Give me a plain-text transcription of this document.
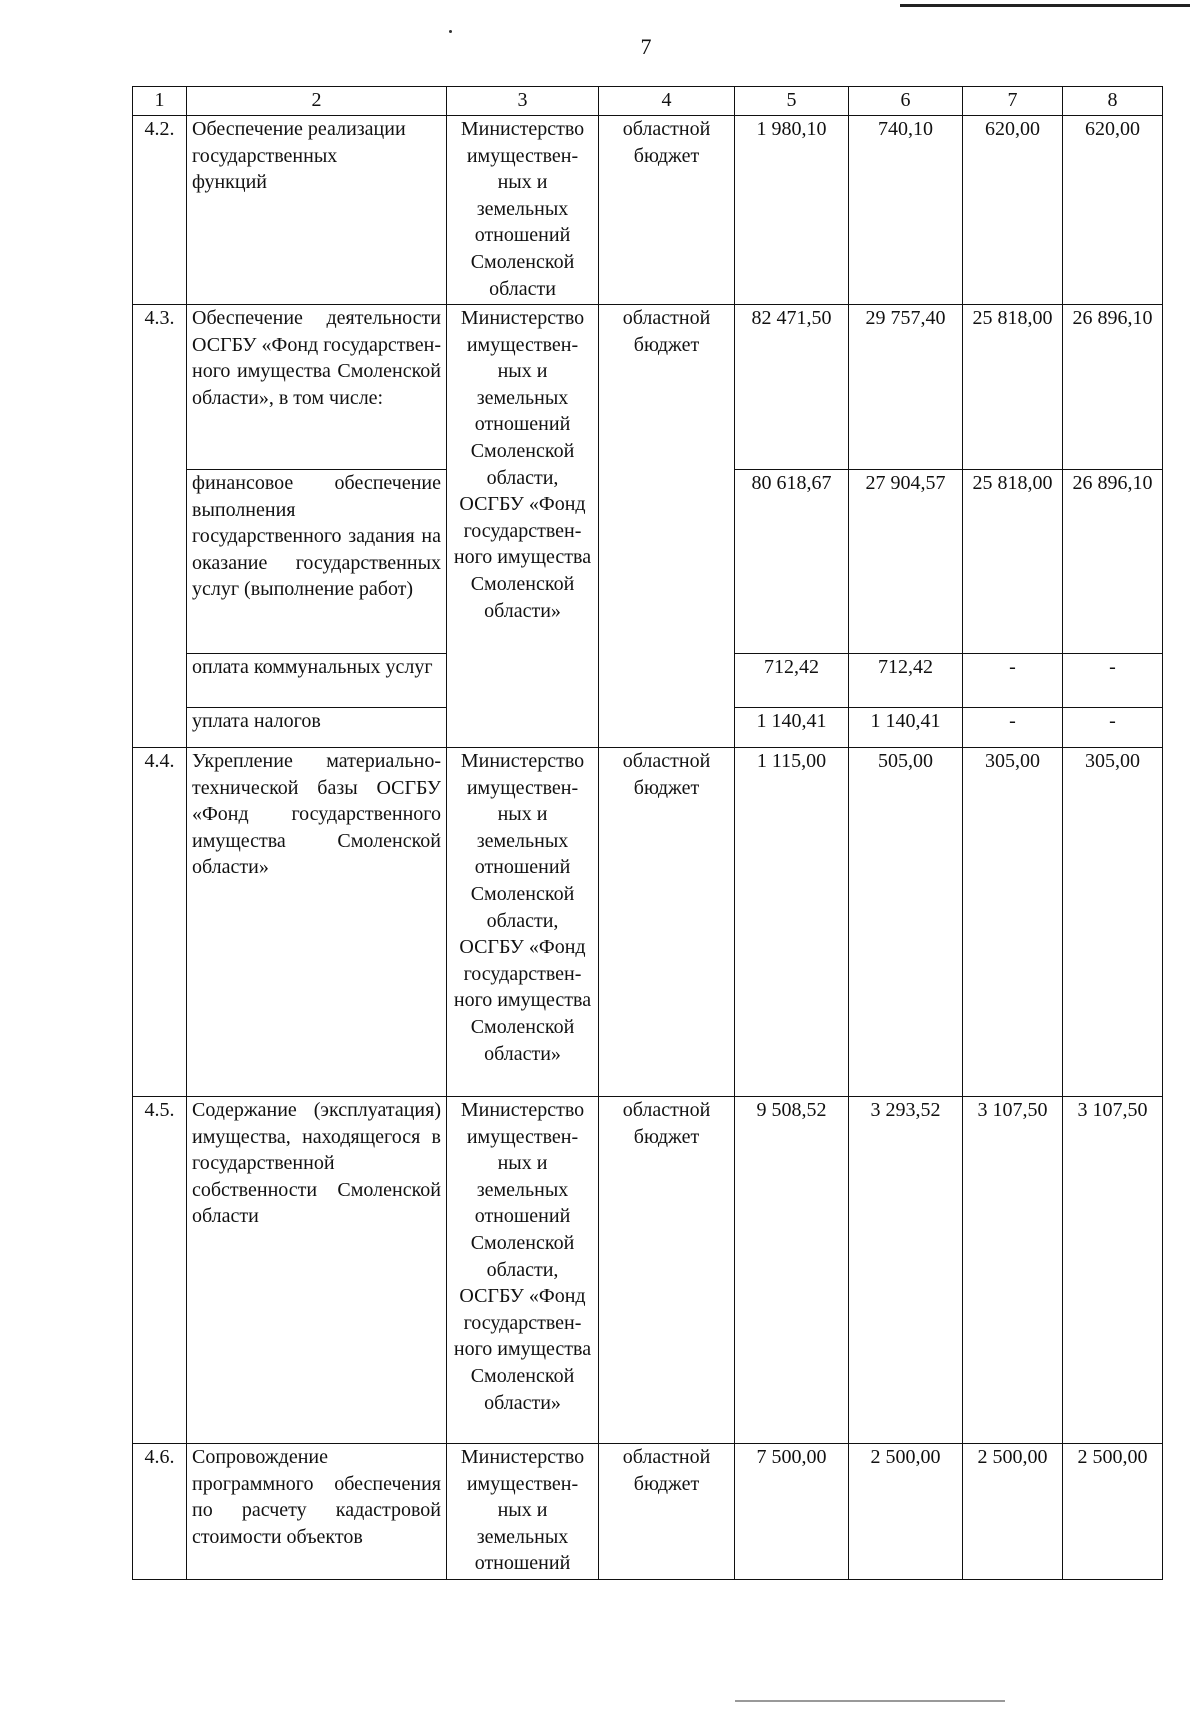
7
1	2	3	4	5	6	7	8
4.2.	Обеспечение реализации государственных функций	Министерство имуществен-ных и земельных отношений Смоленской области	областной бюджет	1 980,10	740,10	620,00	620,00
4.3.	Обеспечение деятельности ОСГБУ «Фонд государствен-ного имущества Смоленской области», в том числе:	Министерство имуществен-ных и земельных отношений Смоленской области, ОСГБУ «Фонд государствен-ного имущества Смоленской области»	областной бюджет	82 471,50	29 757,40	25 818,00	26 896,10
	финансовое обеспечение выполнения государственного задания на оказание государственных услуг (выполнение работ)			80 618,67	27 904,57	25 818,00	26 896,10
	оплата коммунальных услуг			712,42	712,42	-	-
	уплата налогов			1 140,41	1 140,41	-	-
4.4.	Укрепление материально-технической базы ОСГБУ «Фонд государственного имущества Смоленской области»	Министерство имуществен-ных и земельных отношений Смоленской области, ОСГБУ «Фонд государствен-ного имущества Смоленской области»	областной бюджет	1 115,00	505,00	305,00	305,00
4.5.	Содержание (эксплуатация) имущества, находящегося в государственной собственности Смоленской области	Министерство имуществен-ных и земельных отношений Смоленской области, ОСГБУ «Фонд государствен-ного имущества Смоленской области»	областной бюджет	9 508,52	3 293,52	3 107,50	3 107,50
4.6.	Сопровождение программного обеспечения по расчету кадастровой стоимости объектов	Министерство имуществен-ных и земельных отношений	областной бюджет	7 500,00	2 500,00	2 500,00	2 500,00
